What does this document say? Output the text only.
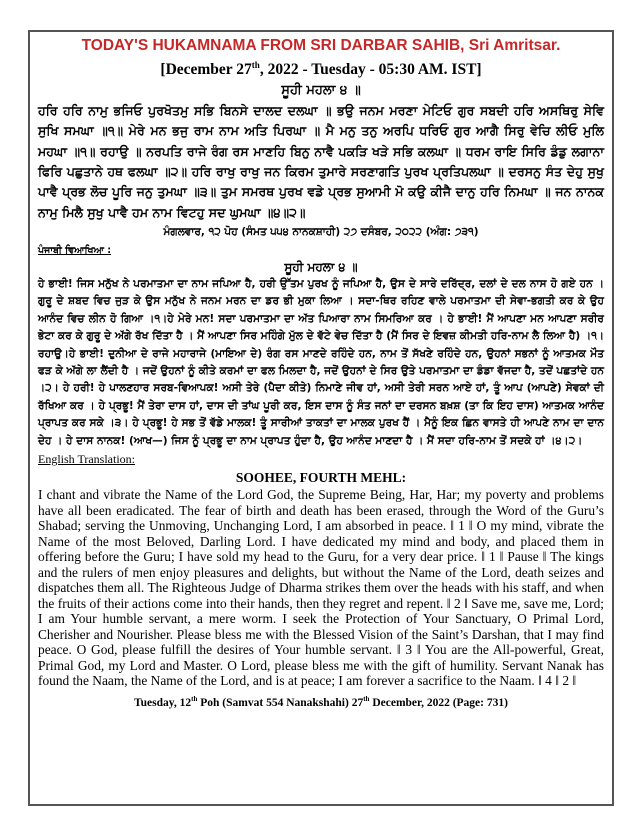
TODAY'S HUKAMNAMA FROM SRI DARBAR SAHIB, Sri Amritsar.

[December 27th, 2022 - Tuesday - 05:30 AM. IST]

ਸੂਹੀ ਮਹਲਾ ੪ ॥

ਹਰਿ ਹਰਿ ਨਾਮੁ ਭਜਿਓ ਪੁਰਖੋਤਮੁ ਸਭਿ ਬਿਨਸੇ ਦਾਲਦ ਦਲਘਾ ॥ ਭਉ ਜਨਮ ਮਰਣਾ ਮੇਟਿਓ ਗੁਰ ਸਬਦੀ ਹਰਿ ਅਸਥਿਰੁ ਸੇਵਿ ਸੁਖਿ ਸਮਘਾ ॥੧॥ ਮੇਰੇ ਮਨ ਭਜੁ ਰਾਮ ਨਾਮ ਅਤਿ ਪਿਰਘਾ ॥ ਮੈ ਮਨੁ ਤਨੁ ਅਰਪਿ ਧਰਿਓ ਗੁਰ ਆਗੈ ਸਿਰੁ ਵੇਚਿ ਲੀਓ ਮੁਲਿ ਮਹਘਾ ॥੧॥ ਰਹਾਉ ॥ ਨਰਪਤਿ ਰਾਜੇ ਰੰਗ ਰਸ ਮਾਣਹਿ ਬਿਨੁ ਨਾਵੈ ਪਕੜਿ ਖੜੇ ਸਭਿ ਕਲਘਾ ॥ ਧਰਮ ਰਾਇ ਸਿਰਿ ਡੰਡੁ ਲਗਾਨਾ ਫਿਰਿ ਪਛੁਤਾਨੇ ਹਥ ਫਲਘਾ ॥੨॥ ਹਰਿ ਰਾਖੁ ਰਾਖੁ ਜਨ ਕਿਰਮ ਤੁਮਾਰੇ ਸਰਣਾਗਤਿ ਪੁਰਖ ਪ੍ਰਤਿਪਲਘਾ ॥ ਦਰਸਨੁ ਸੰਤ ਦੇਹੁ ਸੁਖੁ ਪਾਵੈ ਪ੍ਰਭ ਲੋਚ ਪੂਰਿ ਜਨੁ ਤੁਮਘਾ ॥੩॥ ਤੁਮ ਸਮਰਥ ਪੁਰਖ ਵਡੇ ਪ੍ਰਭ ਸੁਆਮੀ ਮੋ ਕਉ ਕੀਜੈ ਦਾਨੁ ਹਰਿ ਨਿਮਘਾ ॥ ਜਨ ਨਾਨਕ ਨਾਮੁ ਮਿਲੈ ਸੁਖੁ ਪਾਵੈ ਹਮ ਨਾਮ ਵਿਟਹੁ ਸਦ ਘੁਮਘਾ ॥੪॥੨॥

ਮੰਗਲਵਾਰ, ੧੨ ਪੋਹ (ਸੰਮਤ ੫੫੪ ਨਾਨਕਸ਼ਾਹੀ) ੨੭ ਦਸੰਬਰ, ੨੦੨੨ (ਅੰਗ: ੭੩੧)

ਪੰਜਾਬੀ ਵਿਆਖਿਆ :

ਸੂਹੀ ਮਹਲਾ ੪ ॥

ਹੇ ਭਾਈ! ਜਿਸ ਮਨੁੱਖ ਨੇ ਪਰਮਾਤਮਾ ਦਾ ਨਾਮ ਜਪਿਆ ਹੈ, ਹਰੀ ਉੱਤਮ ਪੁਰਖ ਨੂੰ ਜਪਿਆ ਹੈ, ਉਸ ਦੇ ਸਾਰੇ ਦਰਿੱਦ੍ਰ, ਦਲਾਂ ਦੇ ਦਲ ਨਾਸ ਹੋ ਗਏ ਹਨ । ਗੁਰੂ ਦੇ ਸ਼ਬਦ ਵਿਚ ਜੁੜ ਕੇ ਉਸ ਮਨੁੱਖ ਨੇ ਜਨਮ ਮਰਨ ਦਾ ਡਰ ਭੀ ਮੁਕਾ ਲਿਆ । ਸਦਾ-ਥਿਰ ਰਹਿਣ ਵਾਲੇ ਪਰਮਾਤਮਾ ਦੀ ਸੇਵਾ-ਭਗਤੀ ਕਰ ਕੇ ਉਹ ਆਨੰਦ ਵਿਚ ਲੀਨ ਹੋ ਗਿਆ ।੧।ਹੇ ਮੇਰੇ ਮਨ! ਸਦਾ ਪਰਮਾਤਮਾ ਦਾ ਅੱਤ ਪਿਆਰਾ ਨਾਮ ਸਿਮਰਿਆ ਕਰ । ਹੇ ਭਾਈ! ਮੈਂ ਆਪਣਾ ਮਨ ਆਪਣਾ ਸਰੀਰ ਭੇਟਾ ਕਰ ਕੇ ਗੁਰੂ ਦੇ ਅੱਗੇ ਰੱਖ ਦਿੱਤਾ ਹੈ । ਮੈਂ ਆਪਣਾ ਸਿਰ ਮਹਿੰਗੇ ਮੁੱਲ ਦੇ ਵੱਟੇ ਵੇਚ ਦਿੱਤਾ ਹੈ (ਮੈਂ ਸਿਰ ਦੇ ਇਵਜ਼ ਕੀਮਤੀ ਹਰਿ-ਨਾਮ ਲੈ ਲਿਆ ਹੈ) ।੧।ਰਹਾਉ।ਹੇ ਭਾਈ! ਦੁਨੀਆ ਦੇ ਰਾਜੇ ਮਹਾਰਾਜੇ (ਮਾਇਆ ਦੇ) ਰੰਗ ਰਸ ਮਾਣਦੇ ਰਹਿੰਦੇ ਹਨ, ਨਾਮ ਤੋਂ ਸੱਖਣੇ ਰਹਿੰਦੇ ਹਨ, ਉਹਨਾਂ ਸਭਨਾਂ ਨੂੰ ਆਤਮਕ ਮੌਤ ਫੜ ਕੇ ਅੱਗੇ ਲਾ ਲੈਂਦੀ ਹੈ । ਜਦੋਂ ਉਹਨਾਂ ਨੂੰ ਕੀਤੇ ਕਰਮਾਂ ਦਾ ਫਲ ਮਿਲਦਾ ਹੈ, ਜਦੋਂ ਉਹਨਾਂ ਦੇ ਸਿਰ ਉਤੇ ਪਰਮਾਤਮਾ ਦਾ ਡੰਡਾ ਵੱਜਦਾ ਹੈ, ਤਦੋਂ ਪਛਤਾਂਦੇ ਹਨ ।੨। ਹੇ ਹਰੀ! ਹੇ ਪਾਲਣਹਾਰ ਸਰਬ-ਵਿਆਪਕ! ਅਸੀ ਤੇਰੇ (ਪੈਦਾ ਕੀਤੇ) ਨਿਮਾਣੇ ਜੀਵ ਹਾਂ, ਅਸੀ ਤੇਰੀ ਸਰਨ ਆਏ ਹਾਂ, ਤੂੰ ਆਪ (ਆਪਣੇ) ਸੇਵਕਾਂ ਦੀ ਰੱਖਿਆ ਕਰ । ਹੇ ਪ੍ਰਭੂ! ਮੈਂ ਤੇਰਾ ਦਾਸ ਹਾਂ, ਦਾਸ ਦੀ ਤਾਂਘ ਪੂਰੀ ਕਰ, ਇਸ ਦਾਸ ਨੂੰ ਸੰਤ ਜਨਾਂ ਦਾ ਦਰਸਨ ਬਖ਼ਸ਼ (ਤਾ ਕਿ ਇਹ ਦਾਸ) ਆਤਮਕ ਆਨੰਦ ਪ੍ਰਾਪਤ ਕਰ ਸਕੇ ।੩। ਹੇ ਪ੍ਰਭੂ! ਹੇ ਸਭ ਤੋਂ ਵੱਡੇ ਮਾਲਕ! ਤੂੰ ਸਾਰੀਆਂ ਤਾਕਤਾਂ ਦਾ ਮਾਲਕ ਪੁਰਖ ਹੈਂ । ਮੈਨੂੰ ਇਕ ਛਿਨ ਵਾਸਤੇ ਹੀ ਆਪਣੇ ਨਾਮ ਦਾ ਦਾਨ ਦੇਹ । ਹੇ ਦਾਸ ਨਾਨਕ! (ਆਖ—) ਜਿਸ ਨੂੰ ਪ੍ਰਭੂ ਦਾ ਨਾਮ ਪ੍ਰਾਪਤ ਹੁੰਦਾ ਹੈ, ਉਹ ਆਨੰਦ ਮਾਣਦਾ ਹੈ । ਮੈਂ ਸਦਾ ਹਰਿ-ਨਾਮ ਤੋਂ ਸਦਕੇ ਹਾਂ ।੪।੨।

English Translation:

SOOHEE, FOURTH MEHL:

I chant and vibrate the Name of the Lord God, the Supreme Being, Har, Har; my poverty and problems have all been eradicated. The fear of birth and death has been erased, through the Word of the Guru’s Shabad; serving the Unmoving, Unchanging Lord, I am absorbed in peace. ‖ 1 ‖ O my mind, vibrate the Name of the most Beloved, Darling Lord. I have dedicated my mind and body, and placed them in offering before the Guru; I have sold my head to the Guru, for a very dear price. ‖ 1 ‖ Pause ‖ The kings and the rulers of men enjoy pleasures and delights, but without the Name of the Lord, death seizes and dispatches them all. The Righteous Judge of Dharma strikes them over the heads with his staff, and when the fruits of their actions come into their hands, then they regret and repent. ‖ 2 ‖ Save me, save me, Lord; I am Your humble servant, a mere worm. I seek the Protection of Your Sanctuary, O Primal Lord, Cherisher and Nourisher. Please bless me with the Blessed Vision of the Saint’s Darshan, that I may find peace. O God, please fulfill the desires of Your humble servant. ‖ 3 ‖ You are the All-powerful, Great, Primal God, my Lord and Master. O Lord, please bless me with the gift of humility. Servant Nanak has found the Naam, the Name of the Lord, and is at peace; I am forever a sacrifice to the Naam. ‖ 4 ‖ 2 ‖

Tuesday, 12th Poh (Samvat 554 Nanakshahi) 27th December, 2022 (Page: 731)
